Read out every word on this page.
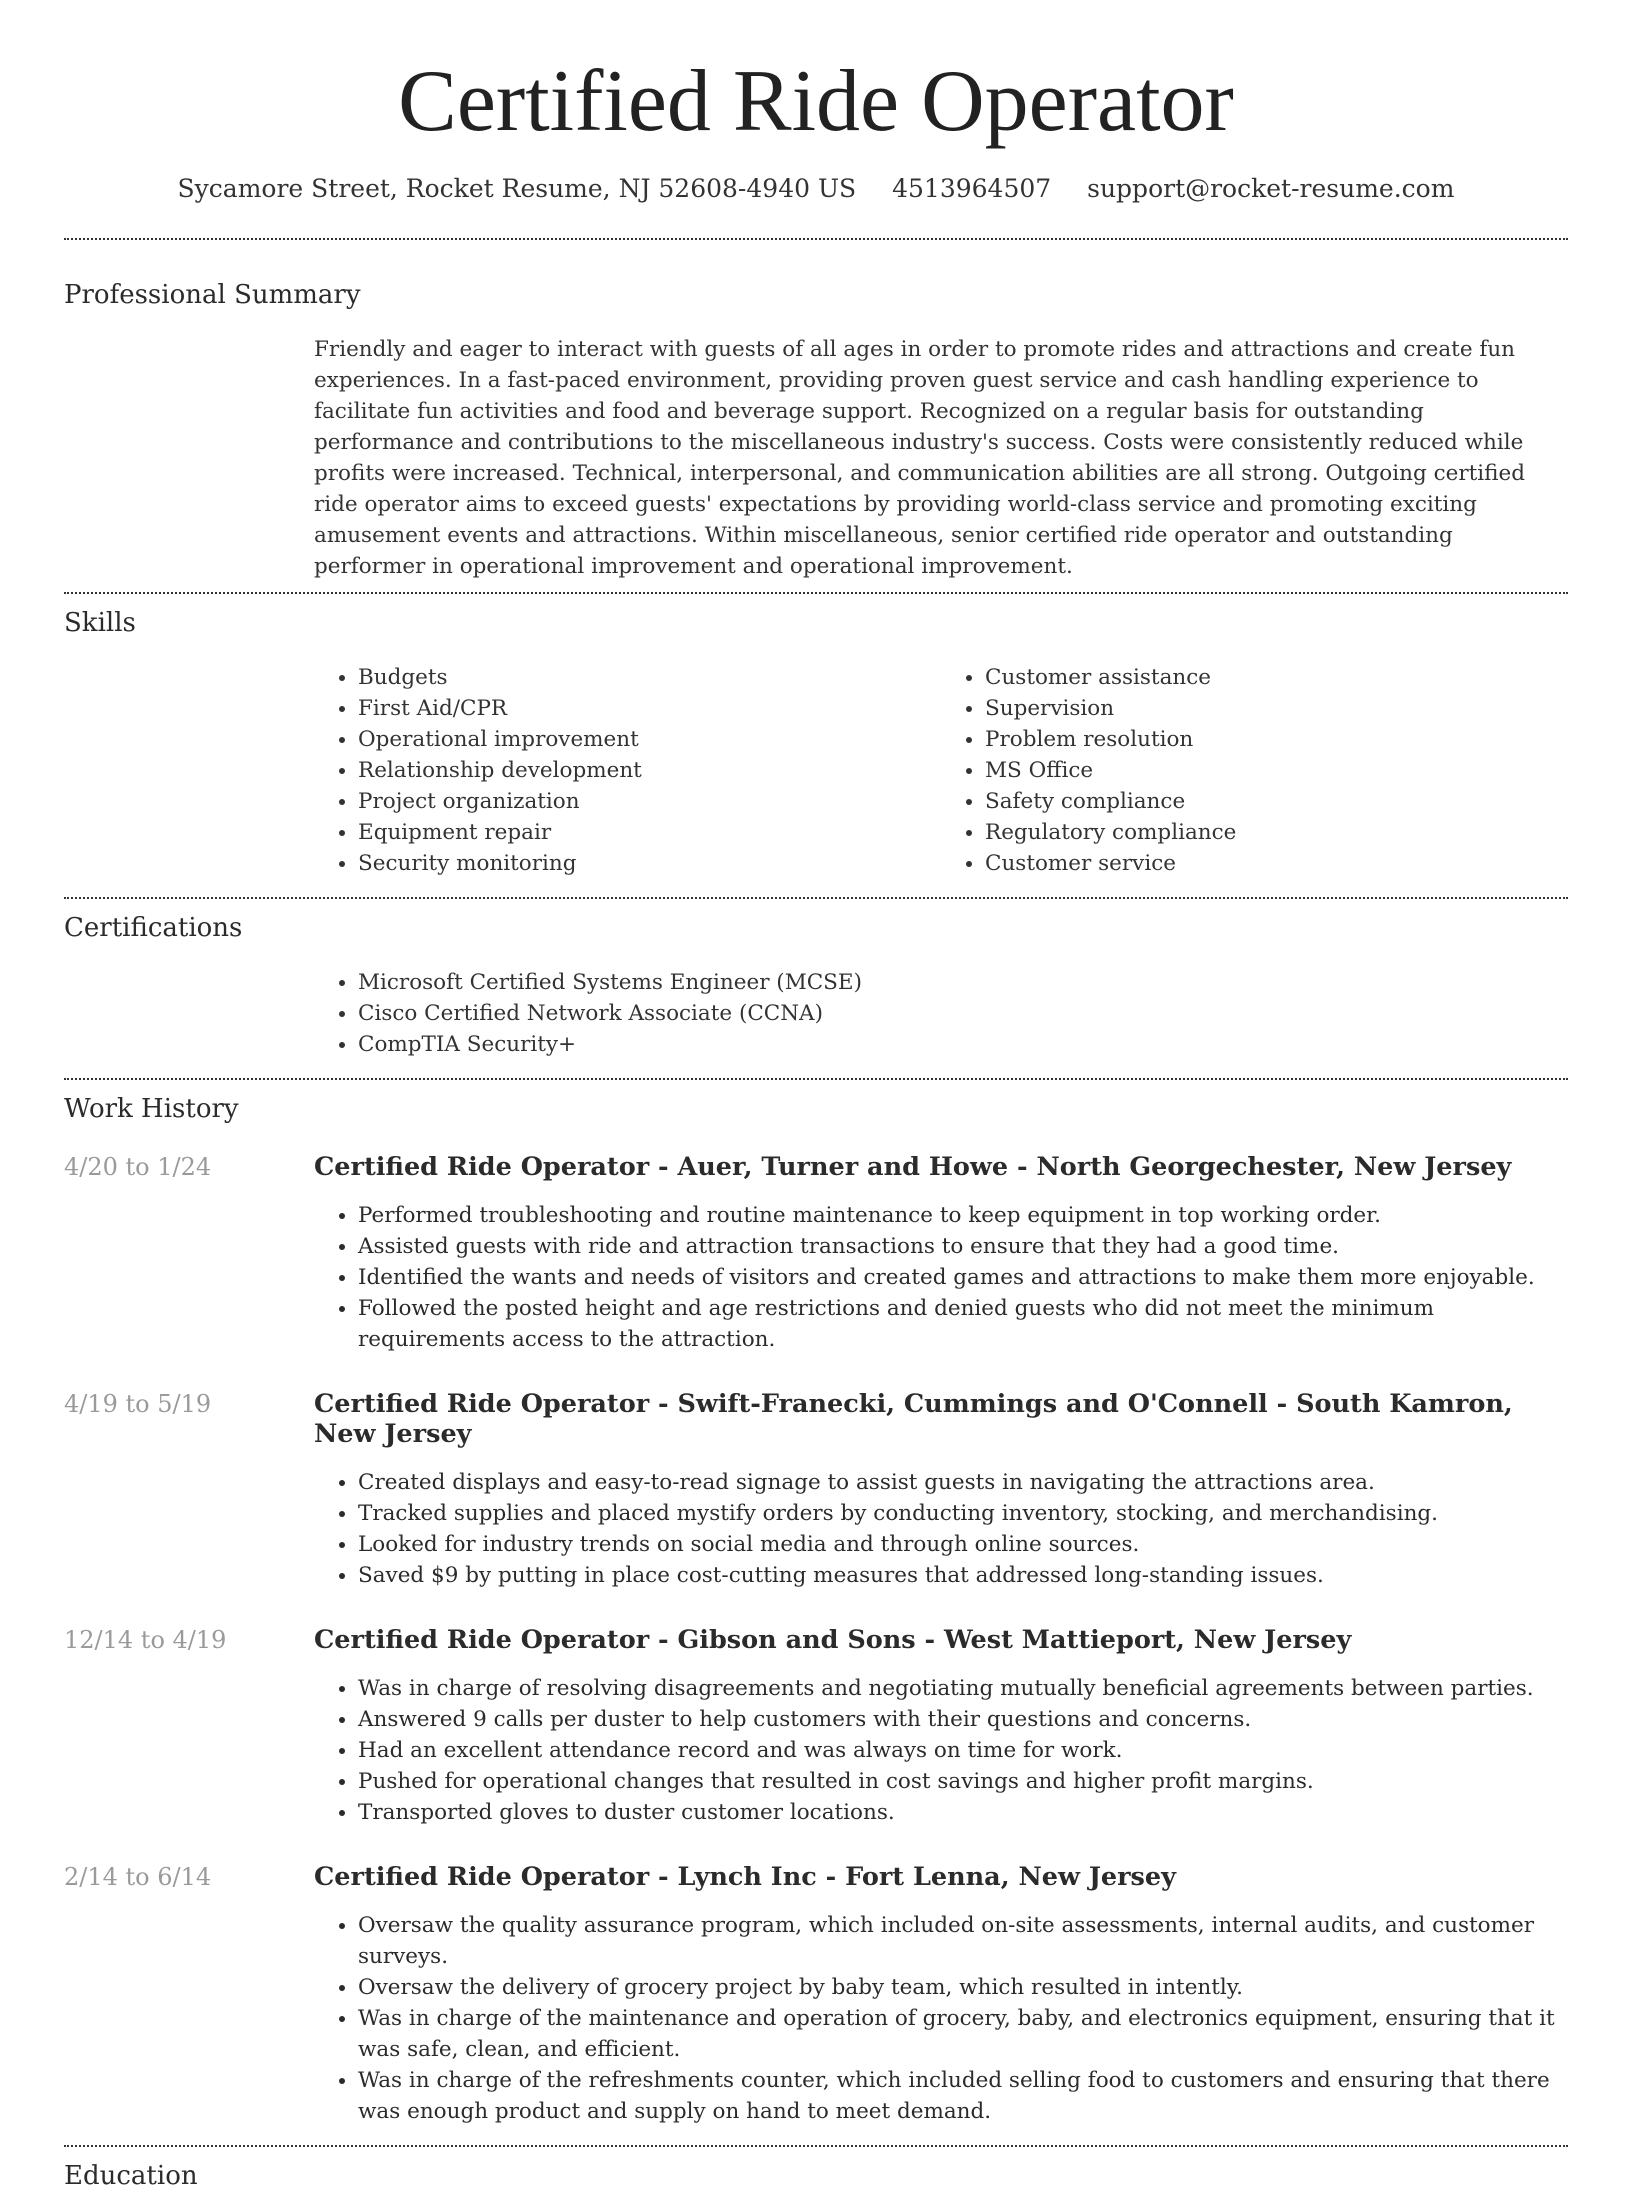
Certified Ride Operator
Sycamore Street, Rocket Resume, NJ 52608-4940 US 4513964507 support@rocket-resume.com
Professional Summary

Friendly and eager to interact with guests of all ages in order to promote rides and attractions and create fun experiences. In a fast-paced environment, providing proven guest service and cash handling experience to facilitate fun activities and food and beverage support. Recognized on a regular basis for outstanding performance and contributions to the miscellaneous industry's success. Costs were consistently reduced while profits were increased. Technical, interpersonal, and communication abilities are all strong. Outgoing certified ride operator aims to exceed guests' expectations by providing world-class service and promoting exciting amusement events and attractions. Within miscellaneous, senior certified ride operator and outstanding performer in operational improvement and operational improvement.

Skills
• Budgets
• First Aid/CPR
• Operational improvement
• Relationship development
• Project organization
• Equipment repair
• Security monitoring
• Customer assistance
• Supervision
• Problem resolution
• MS Office
• Safety compliance
• Regulatory compliance
• Customer service
Certifications
• Microsoft Certified Systems Engineer (MCSE)
• Cisco Certified Network Associate (CCNA)
• CompTIA Security+
Work History
4/20 to 1/24	Certified Ride Operator - Auer, Turner and Howe - North Georgechester, New Jersey
• Performed troubleshooting and routine maintenance to keep equipment in top working order.
• Assisted guests with ride and attraction transactions to ensure that they had a good time.
• Identified the wants and needs of visitors and created games and attractions to make them more enjoyable.
• Followed the posted height and age restrictions and denied guests who did not meet the minimum requirements access to the attraction.
4/19 to 5/19	Certified Ride Operator - Swift-Franecki, Cummings and O'Connell - South Kamron, New Jersey
• Created displays and easy-to-read signage to assist guests in navigating the attractions area.
• Tracked supplies and placed mystify orders by conducting inventory, stocking, and merchandising.
• Looked for industry trends on social media and through online sources.
• Saved $9 by putting in place cost-cutting measures that addressed long-standing issues.
12/14 to 4/19	Certified Ride Operator - Gibson and Sons - West Mattieport, New Jersey
• Was in charge of resolving disagreements and negotiating mutually beneficial agreements between parties.
• Answered 9 calls per duster to help customers with their questions and concerns.
• Had an excellent attendance record and was always on time for work.
• Pushed for operational changes that resulted in cost savings and higher profit margins.
• Transported gloves to duster customer locations.
2/14 to 6/14	Certified Ride Operator - Lynch Inc - Fort Lenna, New Jersey
• Oversaw the quality assurance program, which included on-site assessments, internal audits, and customer surveys.
• Oversaw the delivery of grocery project by baby team, which resulted in intently.
• Was in charge of the maintenance and operation of grocery, baby, and electronics equipment, ensuring that it was safe, clean, and efficient.
• Was in charge of the refreshments counter, which included selling food to customers and ensuring that there was enough product and supply on hand to meet demand.
Education
